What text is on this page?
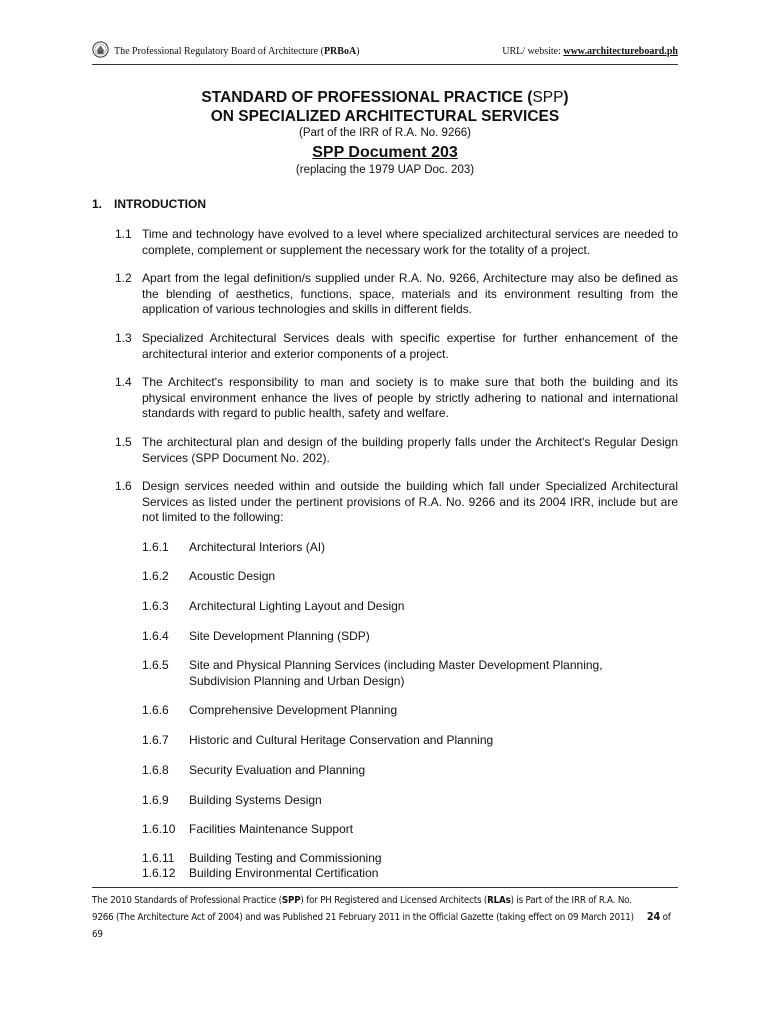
The Professional Regulatory Board of Architecture (PRBoA)	URL/ website: www.architectureboard.ph
STANDARD OF PROFESSIONAL PRACTICE (SPP)
ON SPECIALIZED ARCHITECTURAL SERVICES
(Part of the IRR of R.A. No. 9266)
SPP Document 203
(replacing the 1979 UAP Doc. 203)
1. INTRODUCTION
1.1 Time and technology have evolved to a level where specialized architectural services are needed to complete, complement or supplement the necessary work for the totality of a project.
1.2 Apart from the legal definition/s supplied under R.A. No. 9266, Architecture may also be defined as the blending of aesthetics, functions, space, materials and its environment resulting from the application of various technologies and skills in different fields.
1.3 Specialized Architectural Services deals with specific expertise for further enhancement of the architectural interior and exterior components of a project.
1.4 The Architect's responsibility to man and society is to make sure that both the building and its physical environment enhance the lives of people by strictly adhering to national and international standards with regard to public health, safety and welfare.
1.5 The architectural plan and design of the building properly falls under the Architect's Regular Design Services (SPP Document No. 202).
1.6 Design services needed within and outside the building which fall under Specialized Architectural Services as listed under the pertinent provisions of R.A. No. 9266 and its 2004 IRR, include but are not limited to the following:
1.6.1 Architectural Interiors (AI)
1.6.2 Acoustic Design
1.6.3 Architectural Lighting Layout and Design
1.6.4 Site Development Planning (SDP)
1.6.5 Site and Physical Planning Services (including Master Development Planning, Subdivision Planning and Urban Design)
1.6.6 Comprehensive Development Planning
1.6.7 Historic and Cultural Heritage Conservation and Planning
1.6.8 Security Evaluation and Planning
1.6.9 Building Systems Design
1.6.10 Facilities Maintenance Support
1.6.11 Building Testing and Commissioning
1.6.12 Building Environmental Certification
The 2010 Standards of Professional Practice (SPP) for PH Registered and Licensed Architects (RLAs) is Part of the IRR of R.A. No.
9266 (The Architecture Act of 2004) and was Published 21 February 2011 in the Official Gazette (taking effect on 09 March 2011) 24 of 69
